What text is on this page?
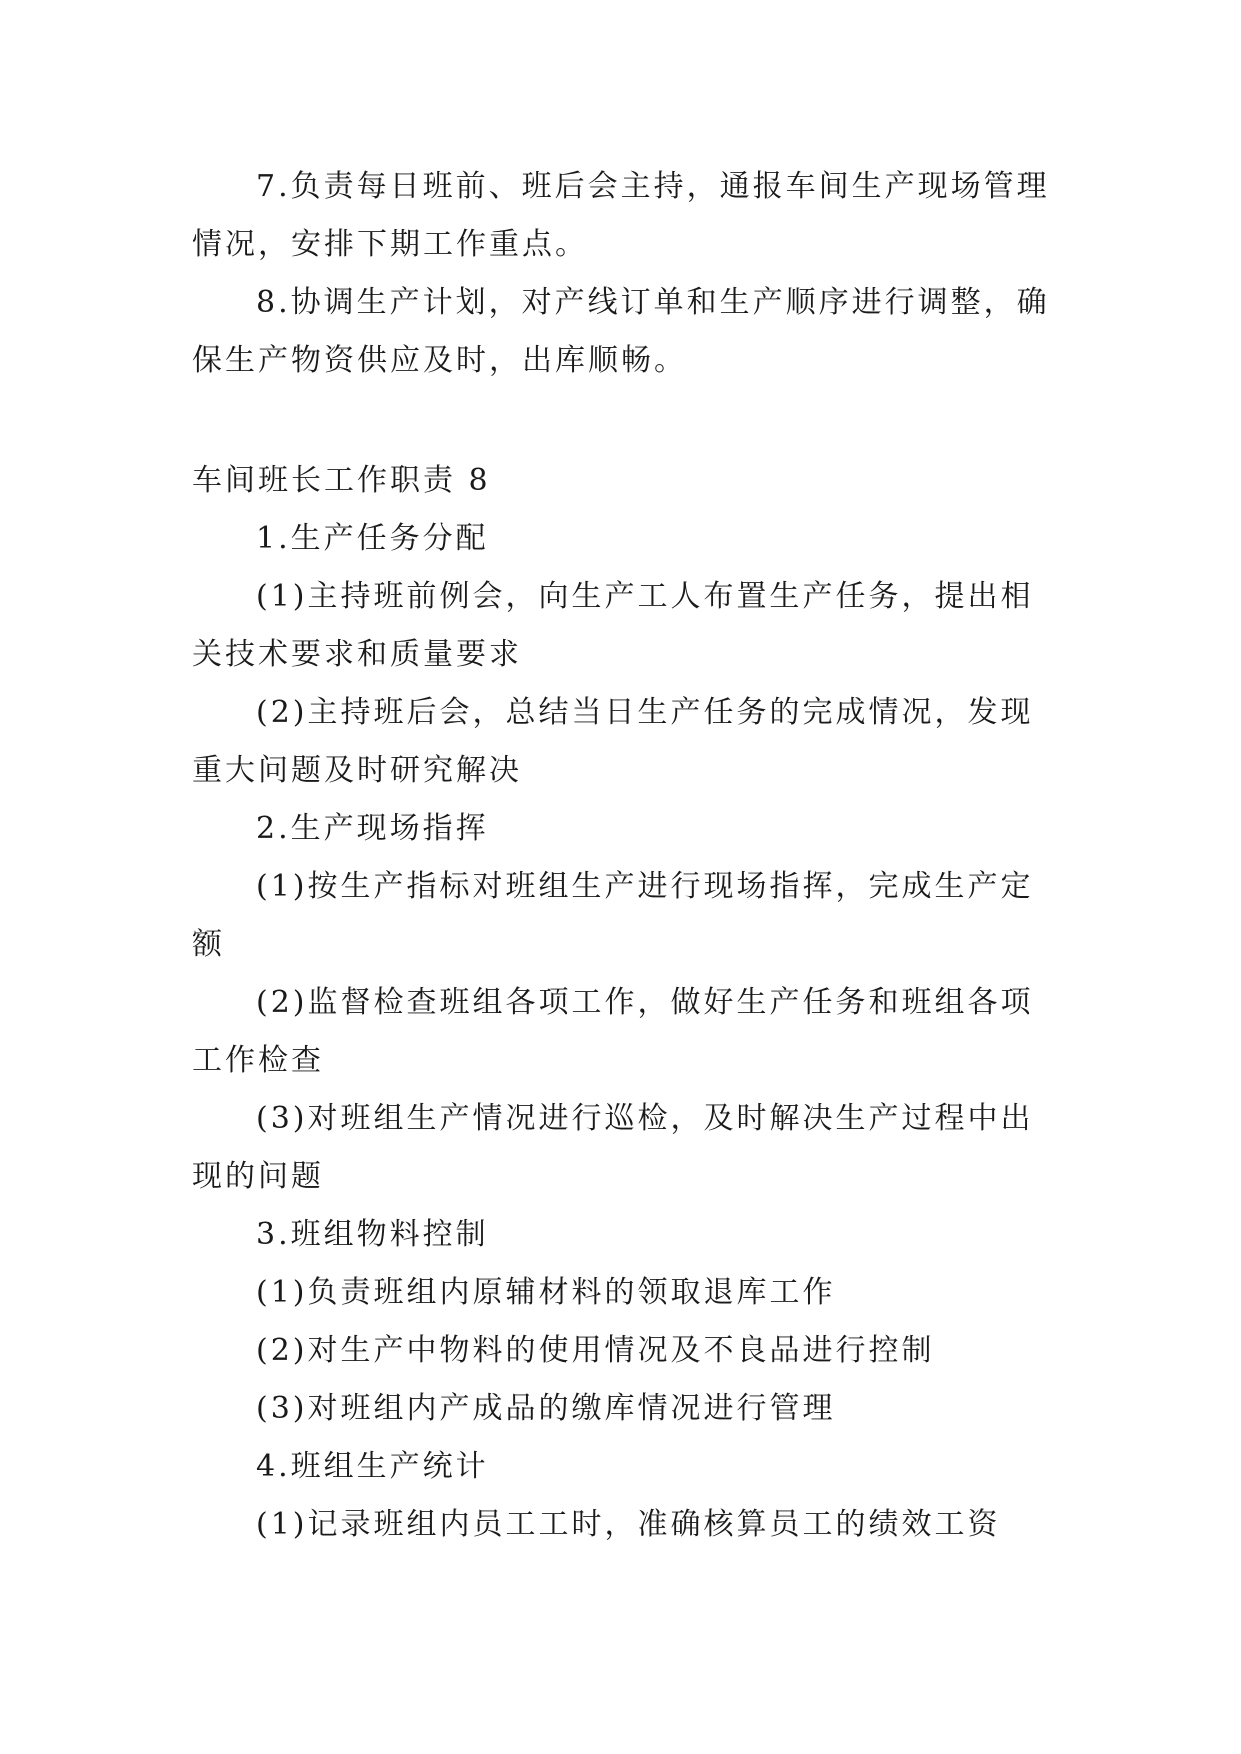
7.负责每日班前、班后会主持，通报车间生产现场管理情况，安排下期工作重点。

8.协调生产计划，对产线订单和生产顺序进行调整，确保生产物资供应及时，出库顺畅。

车间班长工作职责 8

1.生产任务分配

(1)主持班前例会，向生产工人布置生产任务，提出相关技术要求和质量要求

(2)主持班后会，总结当日生产任务的完成情况，发现重大问题及时研究解决

2.生产现场指挥

(1)按生产指标对班组生产进行现场指挥，完成生产定额

(2)监督检查班组各项工作，做好生产任务和班组各项工作检查

(3)对班组生产情况进行巡检，及时解决生产过程中出现的问题

3.班组物料控制

(1)负责班组内原辅材料的领取退库工作

(2)对生产中物料的使用情况及不良品进行控制

(3)对班组内产成品的缴库情况进行管理

4.班组生产统计

(1)记录班组内员工工时，准确核算员工的绩效工资
